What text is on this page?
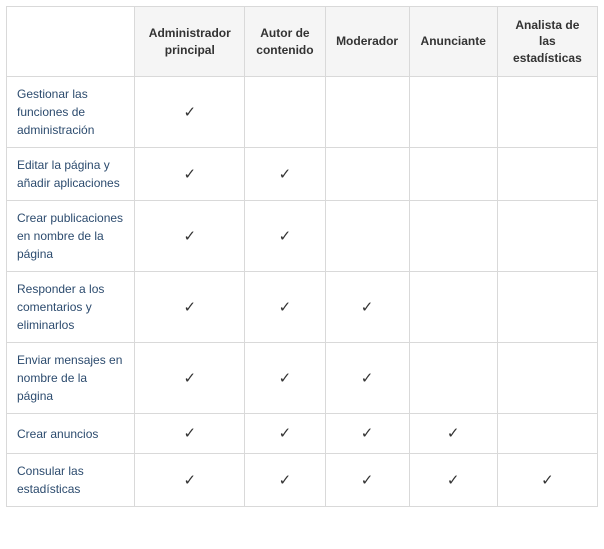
	Administrador principal	Autor de contenido	Moderador	Anunciante	Analista de las estadísticas
Gestionar las funciones de administración	✓				
Editar la página y añadir aplicaciones	✓	✓			
Crear publicaciones en nombre de la página	✓	✓			
Responder a los comentarios y eliminarlos	✓	✓	✓		
Enviar mensajes en nombre de la página	✓	✓	✓		
Crear anuncios	✓	✓	✓	✓	
Consular las estadísticas	✓	✓	✓	✓	✓
